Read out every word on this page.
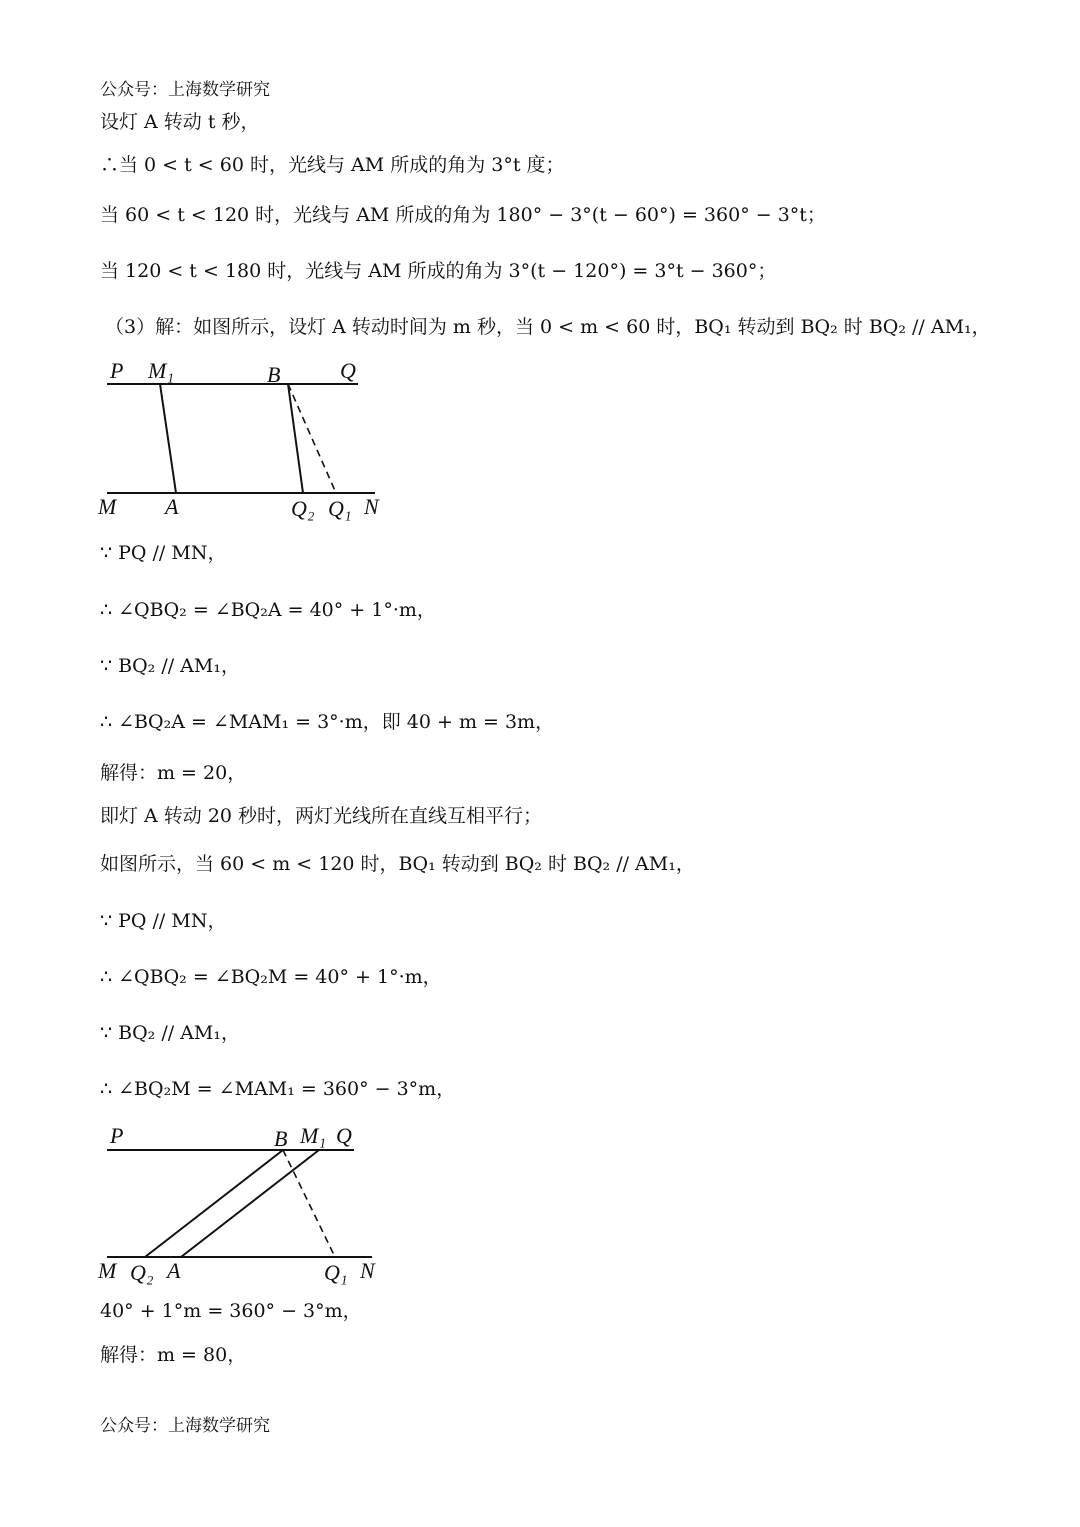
公众号：上海数学研究
设灯 A 转动 t 秒，
∴当 0 < t < 60 时，光线与 AM 所成的角为 3°t 度；
当 60 < t < 120 时，光线与 AM 所成的角为 180° − 3°(t − 60°) = 360° − 3°t；
当 120 < t < 180 时，光线与 AM 所成的角为 3°(t − 120°) = 3°t − 360°；
（3）解：如图所示，设灯 A 转动时间为 m 秒，当 0 < m < 60 时，BQ₁ 转动到 BQ₂ 时 BQ₂ // AM₁，
P M₁	B	Q
M A	Q₂ Q₁ N
∵ PQ // MN，
∴ ∠QBQ₂ = ∠BQ₂A = 40° + 1°·m，
∵ BQ₂ // AM₁，
∴ ∠BQ₂A = ∠MAM₁ = 3°·m，即 40 + m = 3m，
解得：m = 20，
即灯 A 转动 20 秒时，两灯光线所在直线互相平行；
如图所示，当 60 < m < 120 时，BQ₁ 转动到 BQ₂ 时 BQ₂ // AM₁，
∵ PQ // MN，
∴ ∠QBQ₂ = ∠BQ₂M = 40° + 1°·m，
∵ BQ₂ // AM₁，
∴ ∠BQ₂M = ∠MAM₁ = 360° − 3°m，
P	B M₁ Q
M Q₂ A	Q₁ N
40° + 1°m = 360° − 3°m，
解得：m = 80，
公众号：上海数学研究
